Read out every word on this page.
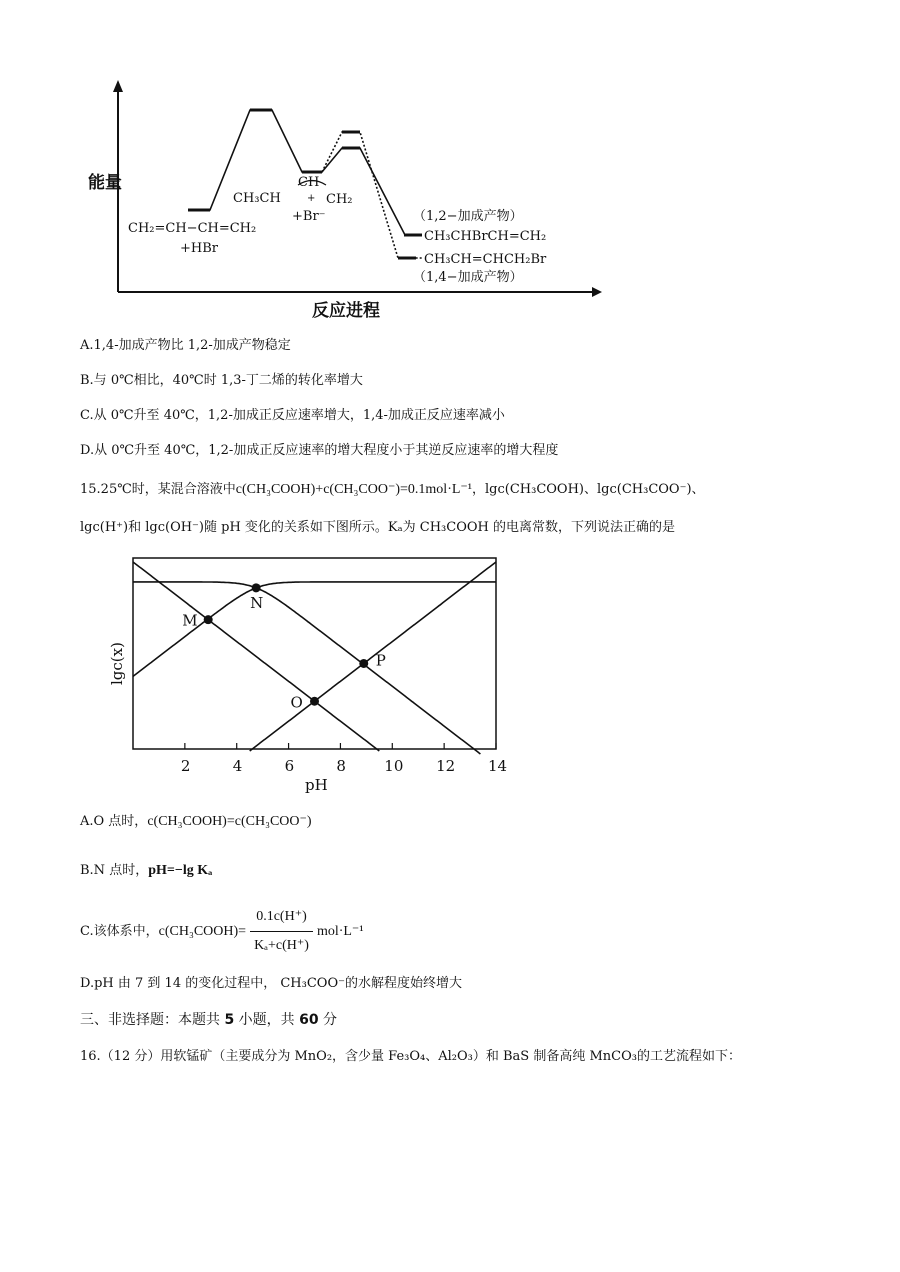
能量
反应进程
CH₂=CH−CH=CH₂
+HBr
CH₃CH
CH
+ CH₂
+Br⁻	（1,2−加成产物）
CH₃CHBrCH=CH₂
CH₃CH=CHCH₂Br
（1,4−加成产物）
A.1,4-加成产物比 1,2-加成产物稳定
B.与 0℃相比，40℃时 1,3-丁二烯的转化率增大
C.从 0℃升至 40℃，1,2-加成正反应速率增大，1,4-加成正反应速率减小
D.从 0℃升至 40℃，1,2-加成正反应速率的增大程度小于其逆反应速率的增大程度
15.25℃时，某混合溶液中c(CH₃COOH)+c(CH₃COO⁻)=0.1mol·L⁻¹，lgc(CH₃COOH)、lgc(CH₃COO⁻)、
lgc(H⁺)和 lgc(OH⁻)随 pH 变化的关系如下图所示。Kₐ为 CH₃COOH 的电离常数，下列说法正确的是
lgc(x)
pH
2	4	6	8	10 12 14
M
N
O
P
A.O 点时，c(CH₃COOH)=c(CH₃COO⁻)
B.N 点时，pH=−lg Kₐ
C.该体系中，c(CH₃COOH)= $\frac{0.1c(H^+)}{\text{Kₐ+c(H⁺)}} mol\cdot L^{-1}$
D.pH 由 7 到 14 的变化过程中， CH₃COO⁻的水解程度始终增大
三、非选择题：本题共 5 小题，共 60 分
16.（12 分）用软锰矿（主要成分为 MnO₂，含少量 Fe₃O₄、Al₂O₃）和 BaS 制备高纯 MnCO₃的工艺流程如下：
